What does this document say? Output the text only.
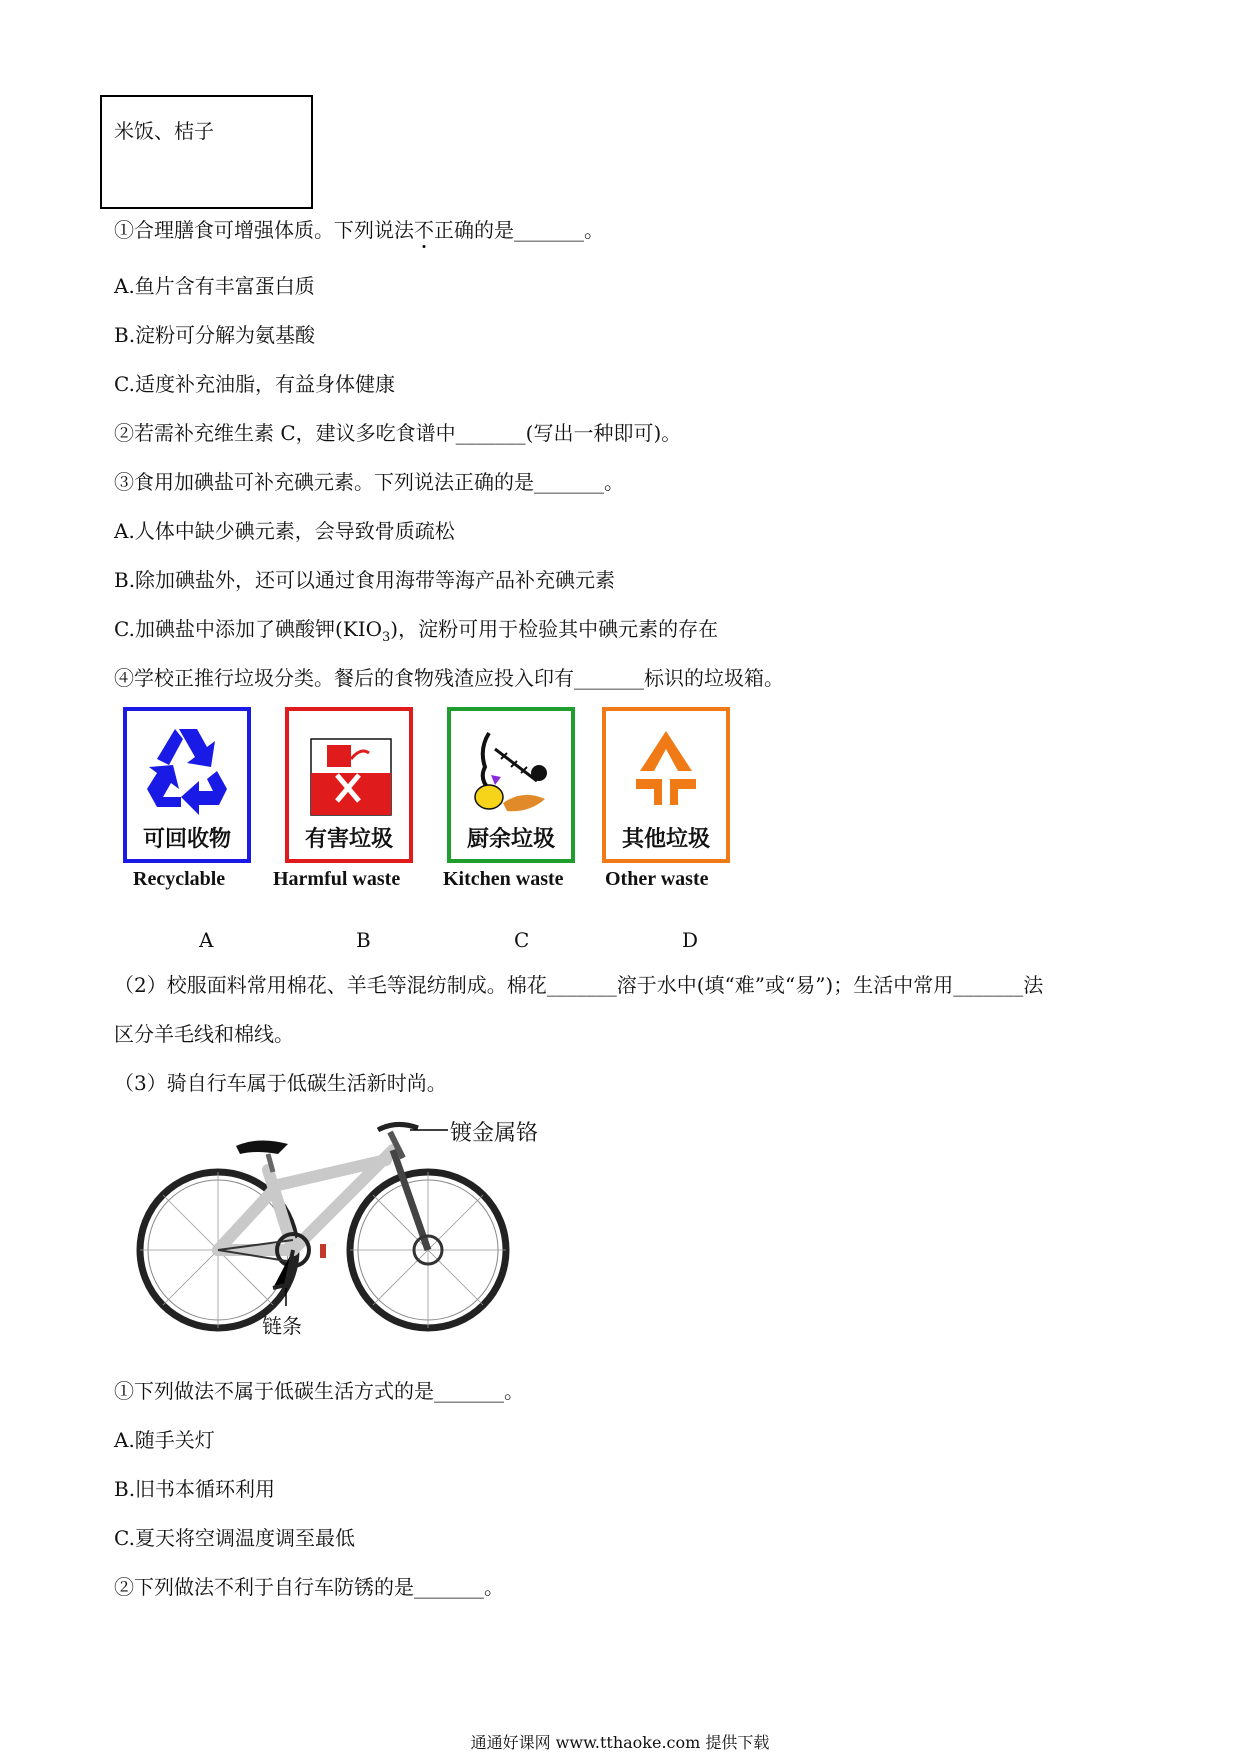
米饭、桔子
①合理膳食可增强体质。下列说法不正确的是_______。
A.鱼片含有丰富蛋白质
B.淀粉可分解为氨基酸
C.适度补充油脂，有益身体健康
②若需补充维生素 C，建议多吃食谱中_______(写出一种即可)。
③食用加碘盐可补充碘元素。下列说法正确的是_______。
A.人体中缺少碘元素，会导致骨质疏松
B.除加碘盐外，还可以通过食用海带等海产品补充碘元素
C.加碘盐中添加了碘酸钾$(KIO_3)$，淀粉可用于检验其中碘元素的存在
④学校正推行垃圾分类。餐后的食物残渣应投入印有_______标识的垃圾箱。
可回收物	有害垃圾	厨余垃圾	其他垃圾
Recyclable Harmful waste Kitchen waste Other waste
A	B	C	D
（2）校服面料常用棉花、羊毛等混纺制成。棉花_______溶于水中(填“难”或“易”)；生活中常用_______法
区分羊毛线和棉线。
（3）骑自行车属于低碳生活新时尚。
镀金属铬
链条
①下列做法不属于低碳生活方式的是_______。
A.随手关灯
B.旧书本循环利用
C.夏天将空调温度调至最低
②下列做法不利于自行车防锈的是_______。
通通好课网 www.tthaoke.com 提供下载
